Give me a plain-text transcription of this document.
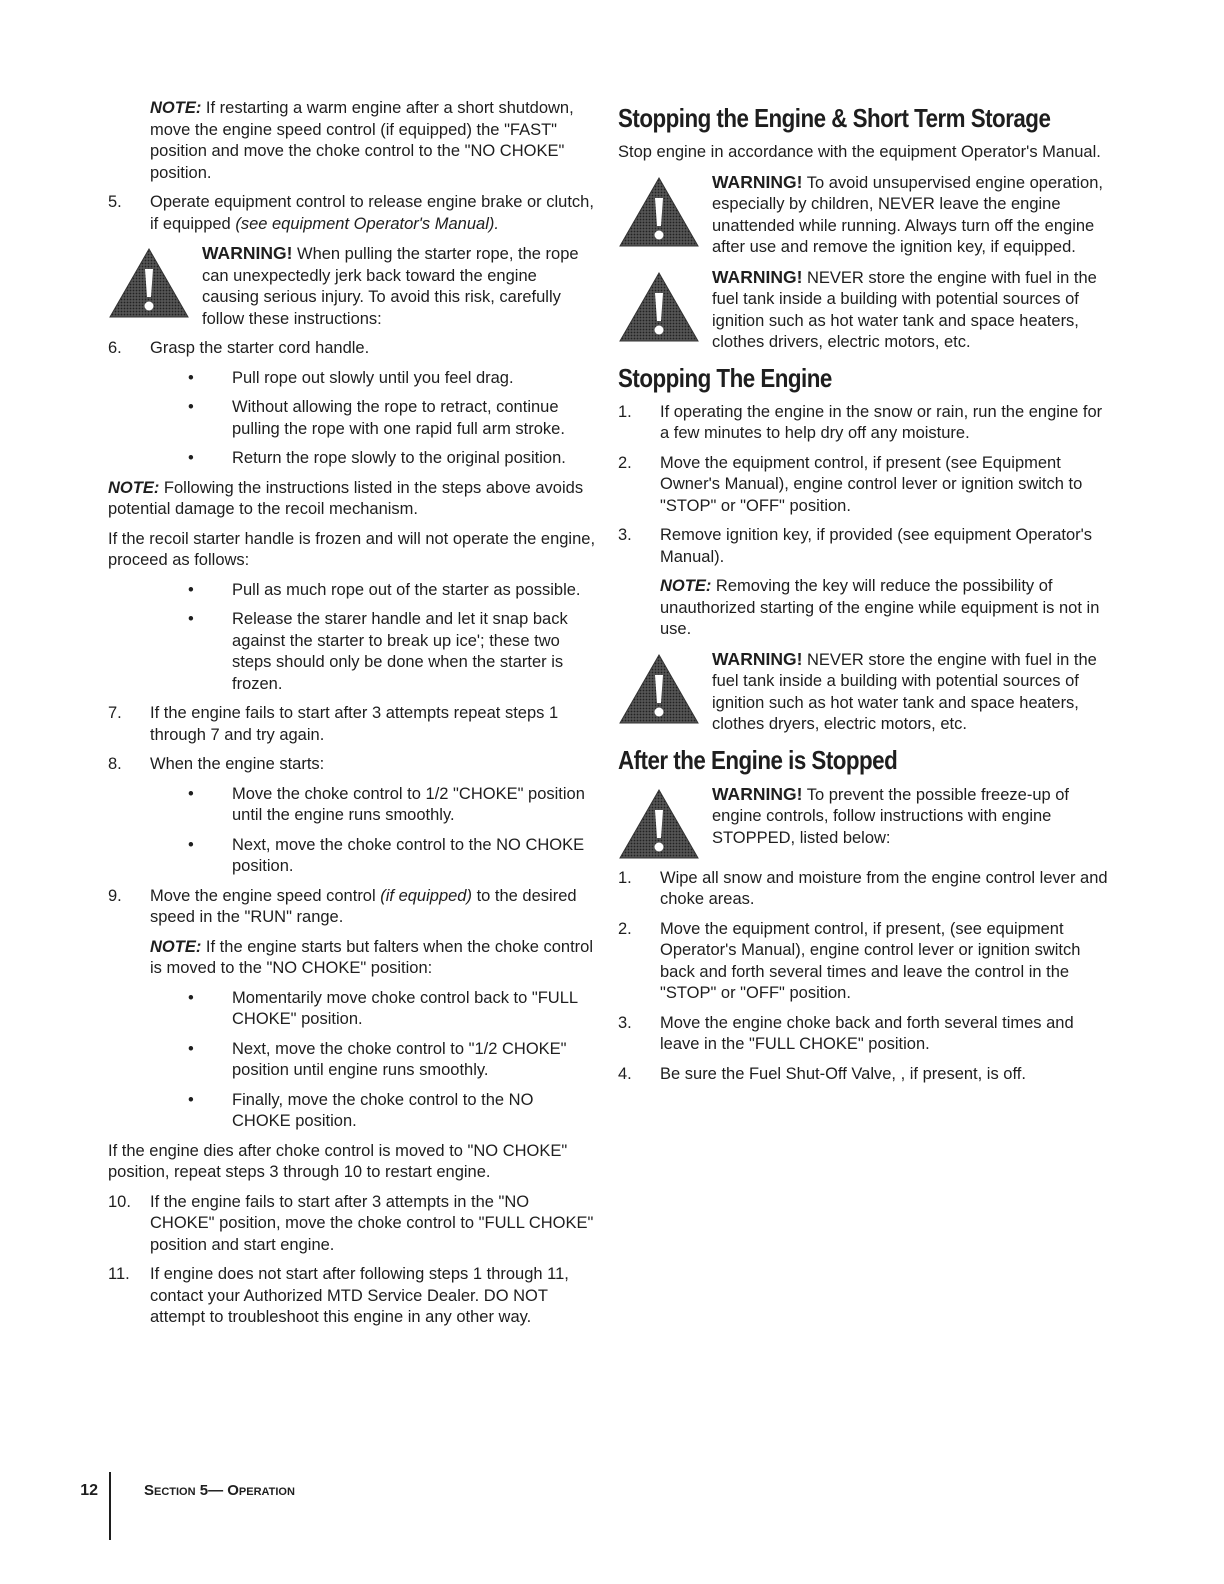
NOTE: If restarting a warm engine after a short shutdown, move the engine speed control (if equipped) the "FAST" position and move the choke control to the "NO CHOKE" position.

5.	Operate equipment control to release engine brake or clutch, if equipped (see equipment Operator's Manual).
WARNING! When pulling the starter rope, the rope can unexpectedly jerk back toward the engine causing serious injury. To avoid this risk, carefully follow these instructions:
6.	Grasp the starter cord handle.
•	Pull rope out slowly until you feel drag.
•	Without allowing the rope to retract, continue pulling the rope with one rapid full arm stroke.
•	Return the rope slowly to the original position.

NOTE: Following the instructions listed in the steps above avoids potential damage to the recoil mechanism.

If the recoil starter handle is frozen and will not operate the engine, proceed as follows:

•	Pull as much rope out of the starter as possible.
•	Release the starer handle and let it snap back against the starter to break up ice'; these two steps should only be done when the starter is frozen.
7.	If the engine fails to start after 3 attempts repeat steps 1 through 7 and try again.
8.	When the engine starts:
•	Move the choke control to 1/2 "CHOKE" position until the engine runs smoothly.
•	Next, move the choke control to the NO CHOKE position.
9.	Move the engine speed control (if equipped) to the desired speed in the "RUN" range.

NOTE: If the engine starts but falters when the choke control is moved to the "NO CHOKE" position:

•	Momentarily move choke control back to "FULL CHOKE" position.
•	Next, move the choke control to "1/2 CHOKE" position until engine runs smoothly.
•	Finally, move the choke control to the NO CHOKE position.

If the engine dies after choke control is moved to "NO CHOKE" position, repeat steps 3 through 10 to restart engine.

10.	If the engine fails to start after 3 attempts in the "NO CHOKE" position, move the choke control to "FULL CHOKE" position and start engine.
11.	If engine does not start after following steps 1 through 11, contact your Authorized MTD Service Dealer. DO NOT attempt to troubleshoot this engine in any other way.
Stopping the Engine & Short Term Storage

Stop engine in accordance with the equipment Operator's Manual.

WARNING! To avoid unsupervised engine operation, especially by children, NEVER leave the engine unattended while running. Always turn off the engine after use and remove the ignition key, if equipped.
WARNING! NEVER store the engine with fuel in the fuel tank inside a building with potential sources of ignition such as hot water tank and space heaters, clothes drivers, electric motors, etc.
Stopping The Engine
1.	If operating the engine in the snow or rain, run the engine for a few minutes to help dry off any moisture.
2.	Move the equipment control, if present (see Equipment Owner's Manual), engine control lever or ignition switch to "STOP" or "OFF" position.
3.	Remove ignition key, if provided (see equipment Operator's Manual).

NOTE: Removing the key will reduce the possibility of unauthorized starting of the engine while equipment is not in use.

WARNING! NEVER store the engine with fuel in the fuel tank inside a building with potential sources of ignition such as hot water tank and space heaters, clothes dryers, electric motors, etc.
After the Engine is Stopped
WARNING! To prevent the possible freeze-up of engine controls, follow instructions with engine STOPPED, listed below:
1.	Wipe all snow and moisture from the engine control lever and choke areas.
2.	Move the equipment control, if present, (see equipment Operator's Manual), engine control lever or ignition switch back and forth several times and leave the control in the "STOP" or "OFF" position.
3.	Move the engine choke back and forth several times and leave in the "FULL CHOKE" position.
4.	Be sure the Fuel Shut-Off Valve, , if present, is off.
12	Section 5— Operation
